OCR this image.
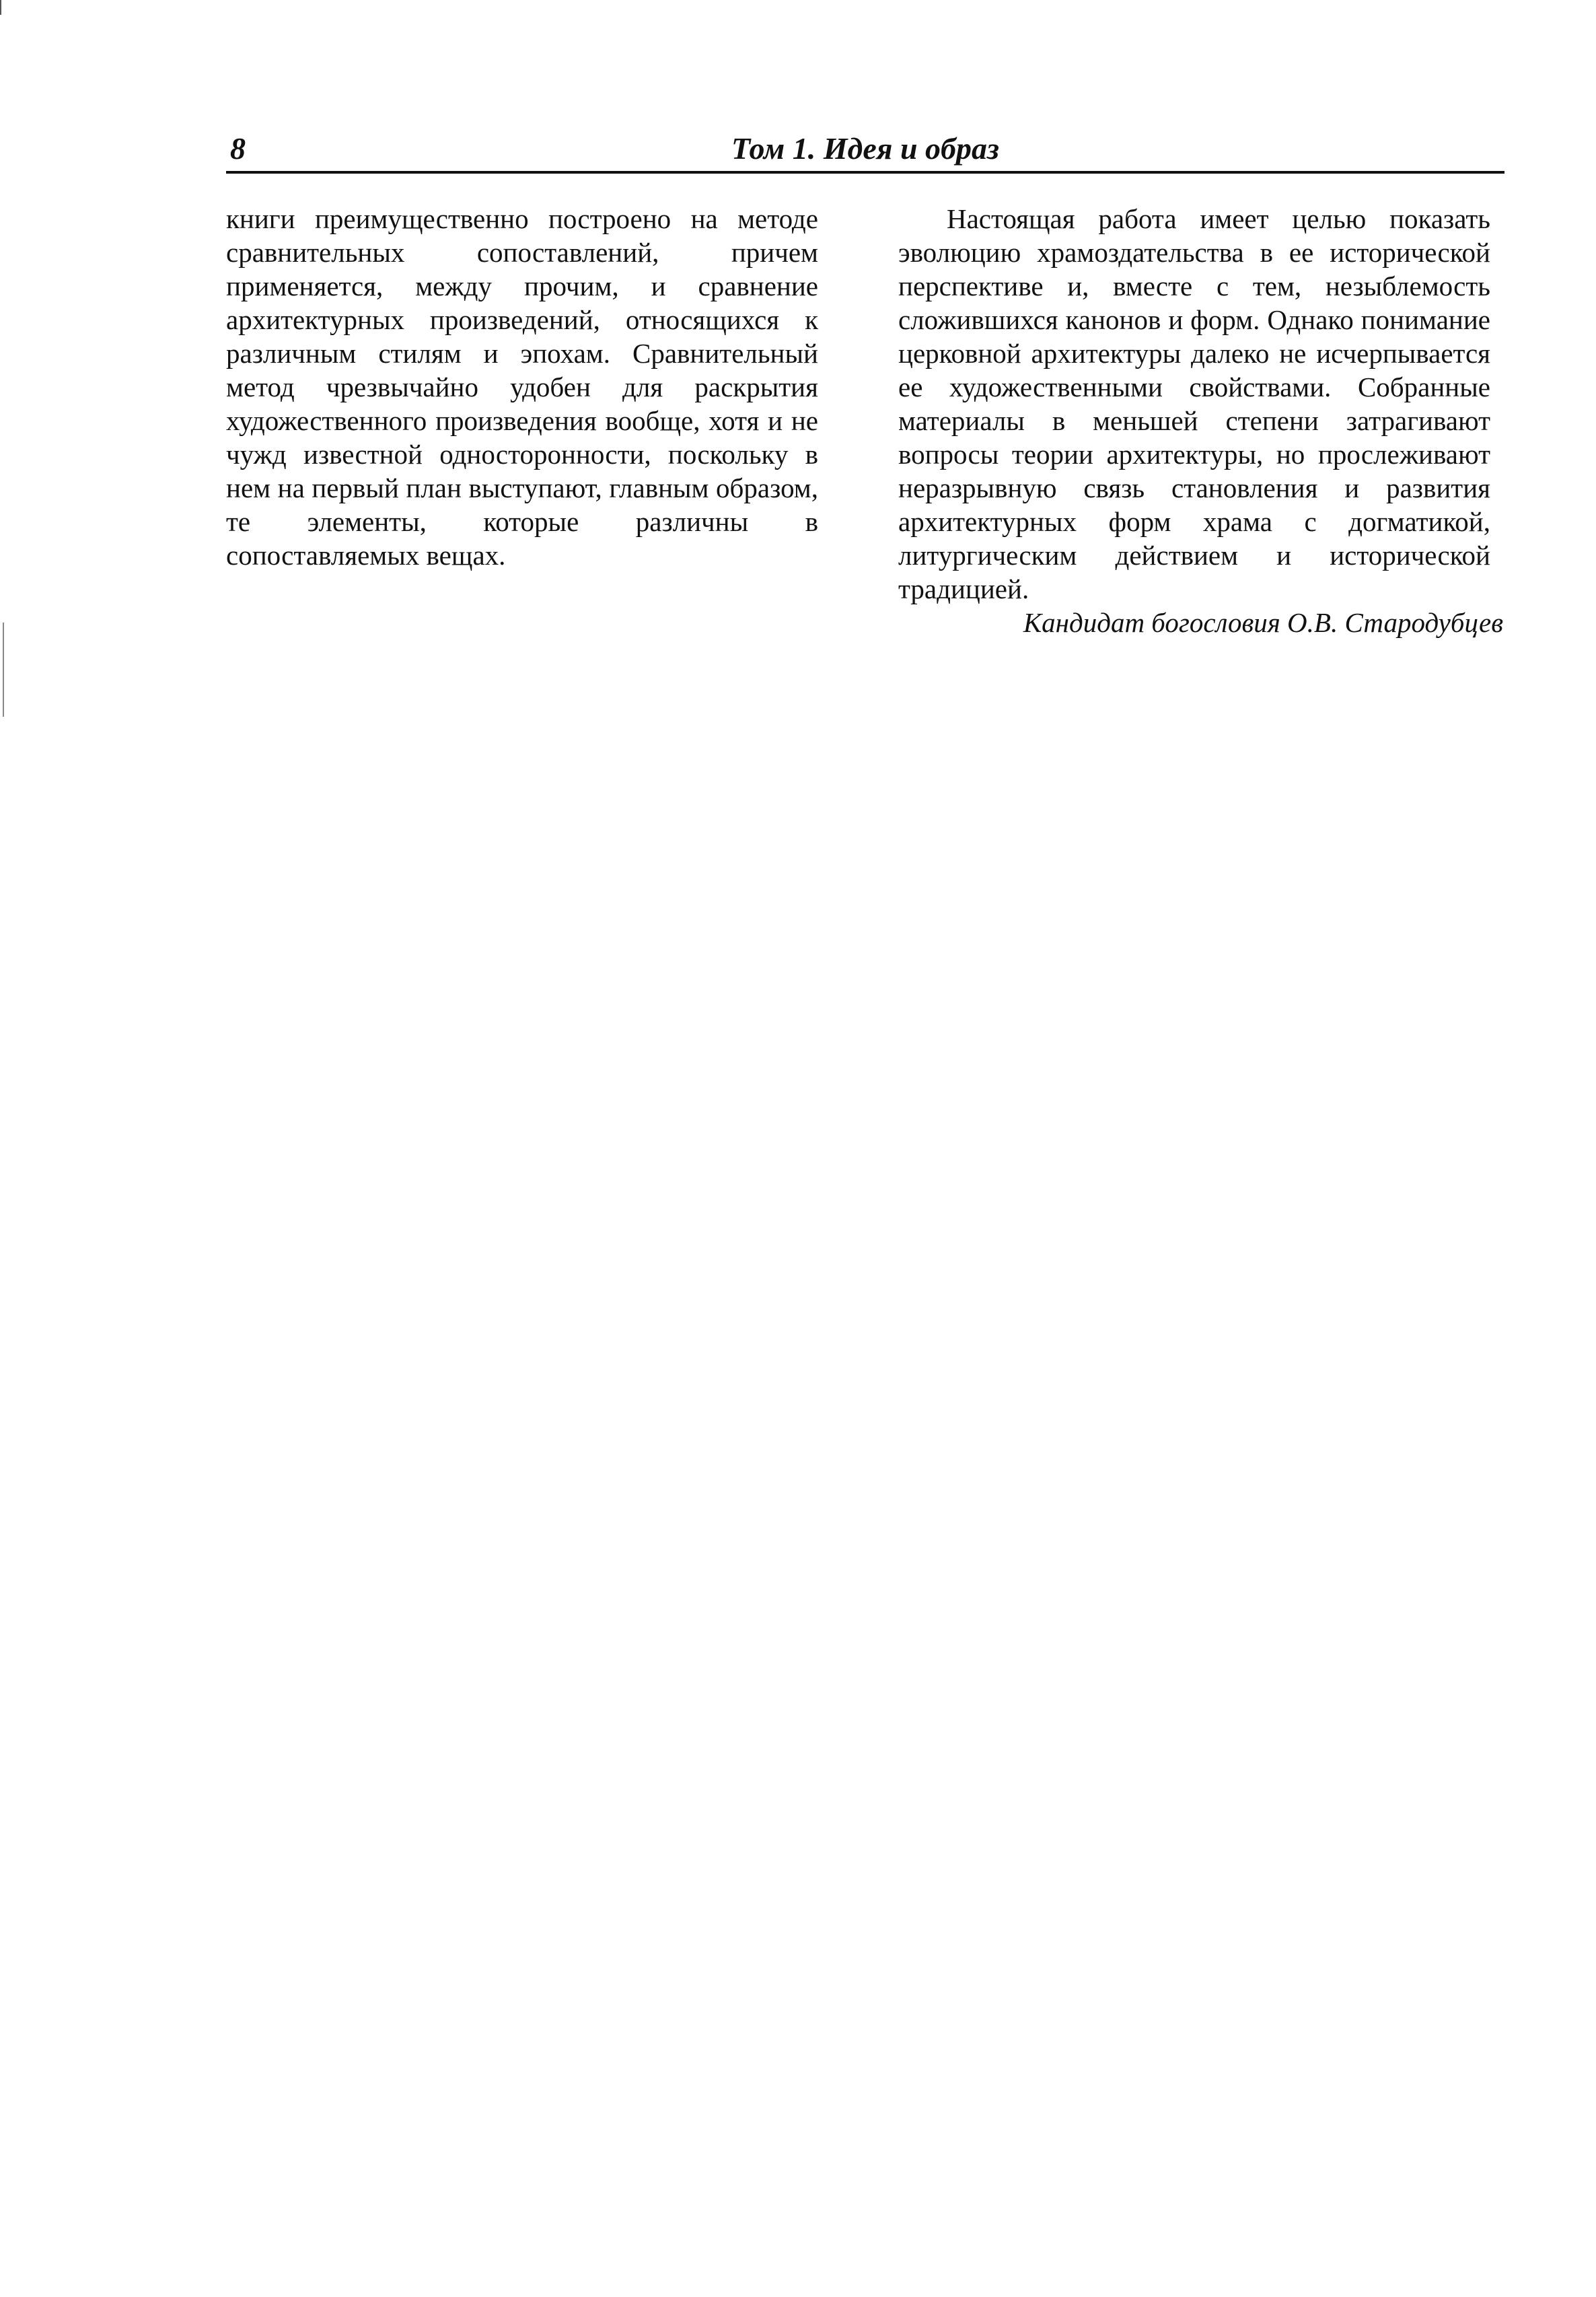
8	Том 1. Идея и образ

книги преимущественно построено на методе сравнительных сопоставлений, причем применяется, между прочим, и сравнение архитектурных произведений, относящихся к различным стилям и эпохам. Сравнительный метод чрезвычайно удобен для раскрытия художественного произведения вообще, хотя и не чужд известной односторонности, поскольку в нем на первый план выступают, главным образом, те элементы, которые различны в сопоставляемых вещах.

Настоящая работа имеет целью показать эволюцию храмоздательства в ее исторической перспективе и, вместе с тем, незыблемость сложившихся канонов и форм. Однако понимание церковной архитектуры далеко не исчерпывается ее художественными свойствами. Собранные материалы в меньшей степени затрагивают вопросы теории архитектуры, но прослеживают неразрывную связь становления и развития архитектурных форм храма с догматикой, литургическим действием и исторической традицией.

Кандидат богословия О.В. Стародубцев
